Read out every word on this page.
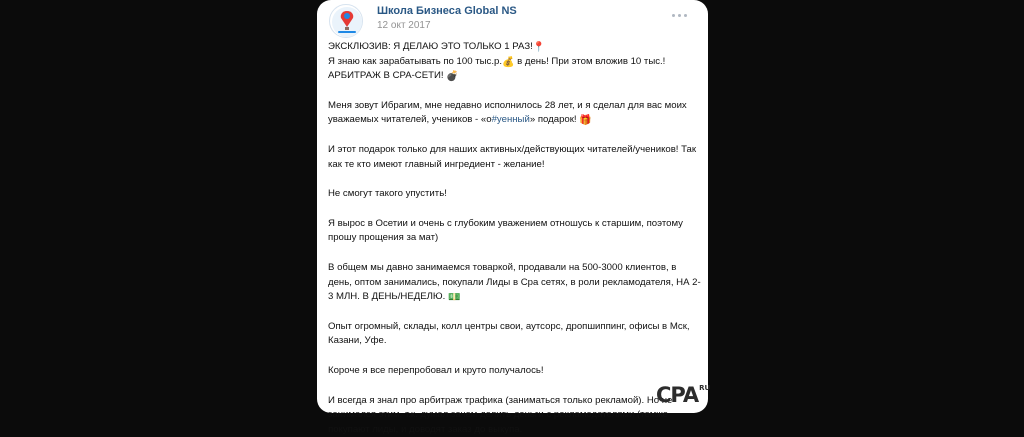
Школа Бизнеса Global NS
12 окт 2017

ЭКСКЛЮЗИВ: Я ДЕЛАЮ ЭТО ТОЛЬКО 1 РАЗ!📍
Я знаю как зарабатывать по 100 тыс.р.💰 в день! При этом вложив 10 тыс.!
АРБИТРАЖ В CPA-СЕТИ! 💣

Меня зовут Ибрагим, мне недавно исполнилось 28 лет, и я сделал для вас моих уважаемых читателей, учеников - «о#уенный» подарок! 🎁

И этот подарок только для наших активных/действующих читателей/учеников! Так как те кто имеют главный ингредиент - желание!

Не смогут такого упустить!

Я вырос в Осетии и очень с глубоким уважением отношусь к старшим, поэтому прошу прощения за мат)

В общем мы давно занимаемся товаркой, продавали на 500-3000 клиентов, в день, оптом занимались, покупали Лиды в Cpa сетях, в роли рекламодателя, НА 2-3 МЛН. В ДЕНЬ/НЕДЕЛЮ. 💵

Опыт огромный, склады, колл центры свои, аутсорс, дропшиппинг, офисы в Мск, Казани, Уфе.

Короче я все перепробовал и круто получалось!

И всегда я знал про арбитраж трафика (заниматься только рекламой). Но не занимался этим, т.к. думал зачем делить деньги с рекламодателями (темже покупают лиды, и доводят заказ до выкупа.

$CPA^{RU}$
